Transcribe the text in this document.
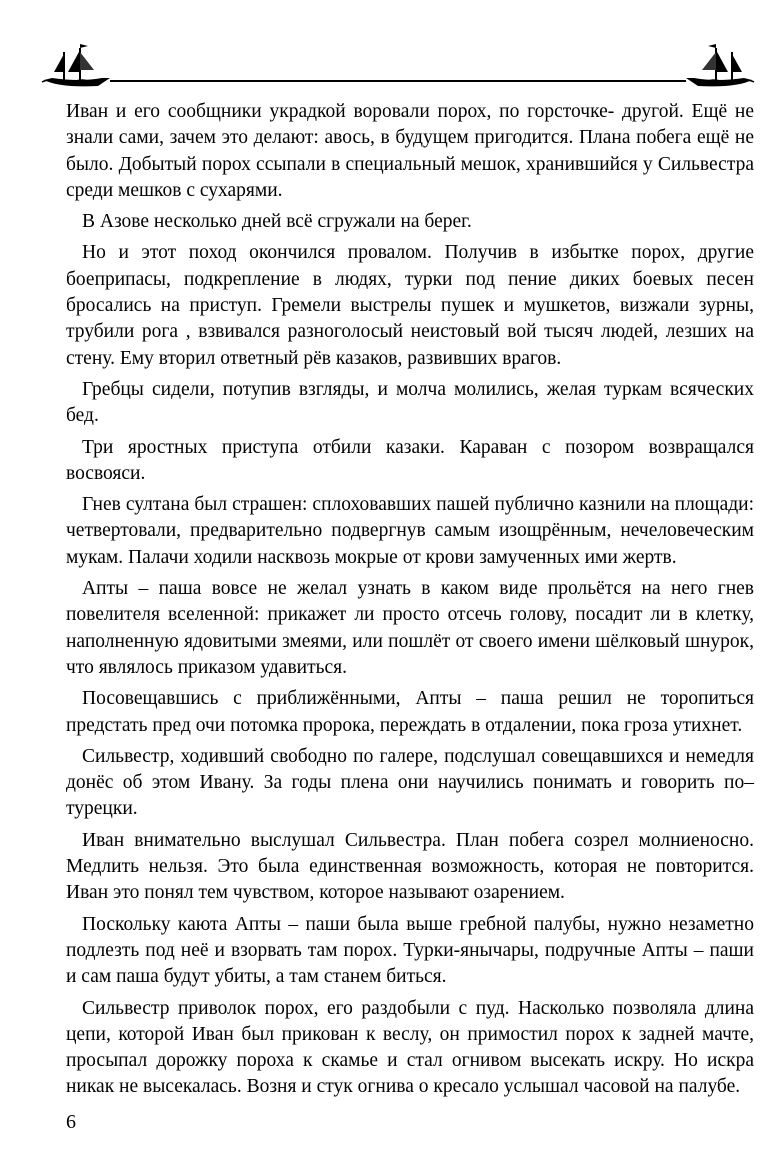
Иван и его сообщники украдкой воровали порох, по горсточке- другой. Ещё не знали сами, зачем это делают: авось, в будущем пригодится. Плана побега ещё не было. Добытый порох ссыпали в специальный мешок, хранившийся у Сильвестра среди мешков с сухарями.

В Азове несколько дней всё сгружали на берег.

Но и этот поход окончился провалом. Получив в избытке порох, другие боеприпасы, подкрепление в людях, турки под пение диких боевых песен бросались на приступ. Гремели выстрелы пушек и мушкетов, визжали зурны, трубили рога , взвивался разноголосый неистовый вой тысяч людей, лезших на стену. Ему вторил ответный рёв казаков, развивших врагов.

Гребцы сидели, потупив взгляды, и молча молились, желая туркам всяческих бед.

Три яростных приступа отбили казаки. Караван с позором возвращался восвояси.

Гнев султана был страшен: сплоховавших пашей публично казнили на площади: четвертовали, предварительно подвергнув самым изощрённым, нечеловеческим мукам. Палачи ходили насквозь мокрые от крови замученных ими жертв.

Апты – паша вовсе не желал узнать в каком виде прольётся на него гнев повелителя вселенной: прикажет ли просто отсечь голову, посадит ли в клетку, наполненную ядовитыми змеями, или пошлёт от своего имени шёлковый шнурок, что являлось приказом удавиться.

Посовещавшись с приближёнными, Апты – паша решил не торопиться предстать пред очи потомка пророка, переждать в отдалении, пока гроза утихнет.

Сильвестр, ходивший свободно по галере, подслушал совещавшихся и немедля донёс об этом Ивану. За годы плена они научились понимать и говорить по– турецки.

Иван внимательно выслушал Сильвестра. План побега созрел молниеносно. Медлить нельзя. Это была единственная возможность, которая не повторится. Иван это понял тем чувством, которое называют озарением.

Поскольку каюта Апты – паши была выше гребной палубы, нужно незаметно подлезть под неё и взорвать там порох. Турки-янычары, подручные Апты – паши и сам паша будут убиты, а там станем биться.

Сильвестр приволок порох, его раздобыли с пуд. Насколько позволяла длина цепи, которой Иван был прикован к веслу, он примостил порох к задней мачте, просыпал дорожку пороха к скамье и стал огнивом высекать искру. Но искра никак не высекалась. Возня и стук огнива о кресало услышал часовой на палубе.

6
